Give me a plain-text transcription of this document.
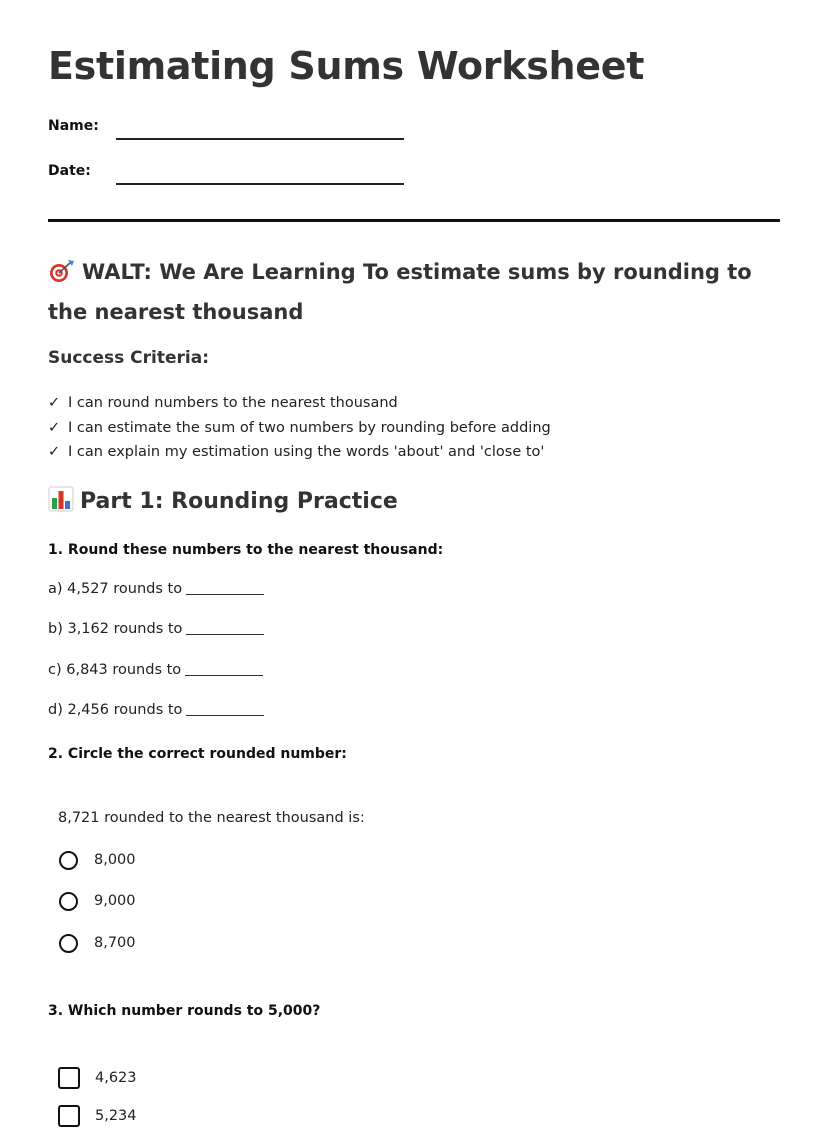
Estimating Sums Worksheet
Name:
Date:
WALT: We Are Learning To estimate sums by rounding to the nearest thousand
Success Criteria:
✓ I can round numbers to the nearest thousand
✓ I can estimate the sum of two numbers by rounding before adding
✓ I can explain my estimation using the words 'about' and 'close to'
Part 1: Rounding Practice

1. Round these numbers to the nearest thousand:

a) 4,527 rounds to
b) 3,162 rounds to
c) 6,843 rounds to
d) 2,456 rounds to

2. Circle the correct rounded number:

8,721 rounded to the nearest thousand is:
8,000
9,000
8,700

3. Which number rounds to 5,000?

4,623
5,234
